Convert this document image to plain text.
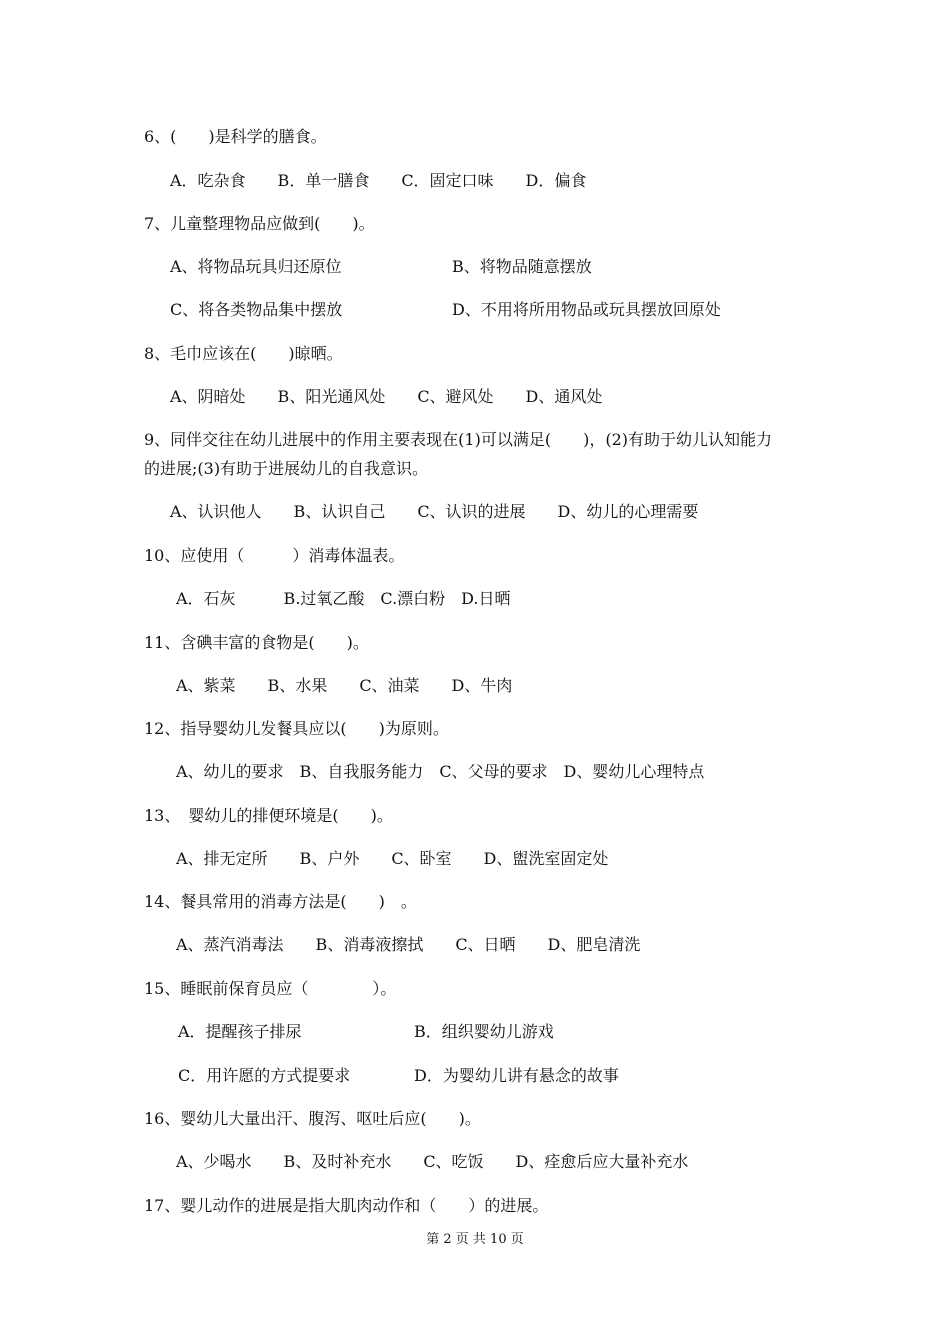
6、(　　)是科学的膳食。
A．吃杂食　　B．单一膳食　　C．固定口味　　D．偏食
7、儿童整理物品应做到(　　)。
A、将物品玩具归还原位	B、将物品随意摆放
C、将各类物品集中摆放	D、不用将所用物品或玩具摆放回原处
8、毛巾应该在(　　)晾晒。
A、阴暗处　　B、阳光通风处　　C、避风处　　D、通风处
9、同伴交往在幼儿进展中的作用主要表现在(1)可以满足(　　)，(2)有助于幼儿认知能力
的进展;(3)有助于进展幼儿的自我意识。
A、认识他人　　B、认识自己　　C、认识的进展　　D、幼儿的心理需要
10、应使用（　　　）消毒体温表。
A．石灰　　　B.过氧乙酸　C.漂白粉　D.日晒
11、含碘丰富的食物是(　　)。
A、紫菜　　B、水果　　C、油菜　　D、牛肉
12、指导婴幼儿发餐具应以(　　)为原则。
A、幼儿的要求　B、自我服务能力　C、父母的要求　D、婴幼儿心理特点
13、　婴幼儿的排便环境是(　　)。
A、排无定所　　B、户外　　C、卧室　　D、盥洗室固定处
14、餐具常用的消毒方法是(　　)　。
A、蒸汽消毒法　　B、消毒液擦拭　　C、日晒　　D、肥皂清洗
15、睡眠前保育员应（　　　　）。
A．提醒孩子排尿	B．组织婴幼儿游戏
C．用许愿的方式提要求	D．为婴幼儿讲有悬念的故事
16、婴幼儿大量出汗、腹泻、呕吐后应(　　)。
A、少喝水　　B、及时补充水　　C、吃饭　　D、痊愈后应大量补充水
17、婴儿动作的进展是指大肌肉动作和（　　）的进展。
第 2 页 共 10 页
